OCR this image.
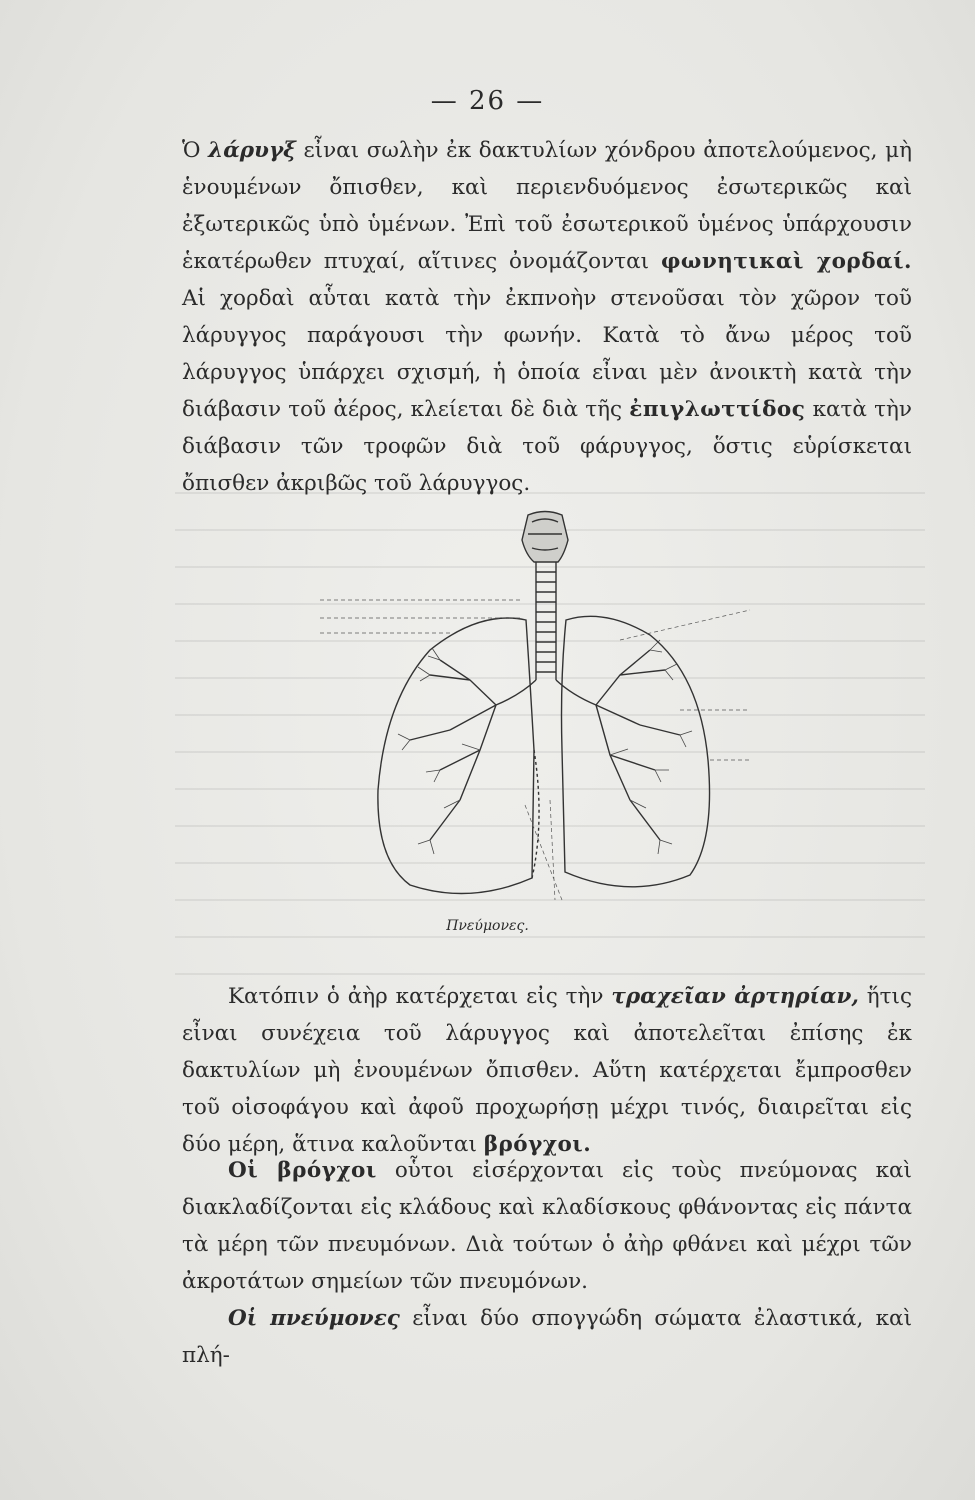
— 26 —

Ὁ λάρυγξ εἶναι σωλὴν ἐκ δακτυλίων χόνδρου ἀποτελούμενος, μὴ ἑνουμένων ὄπισθεν, καὶ περιενδυόμενος ἐσωτερικῶς καὶ ἐξωτερικῶς ὑπὸ ὑμένων. Ἐπὶ τοῦ ἐσωτερικοῦ ὑμένος ὑπάρχουσιν ἑκατέρωθεν πτυχαί, αἵτινες ὀνομάζονται φωνητικαὶ χορδαί. Αἱ χορδαὶ αὗται κατὰ τὴν ἐκπνοὴν στενοῦσαι τὸν χῶρον τοῦ λάρυγγος παράγουσι τὴν φωνήν. Κατὰ τὸ ἄνω μέρος τοῦ λάρυγγος ὑπάρχει σχισμή, ἡ ὁποία εἶναι μὲν ἀνοικτὴ κατὰ τὴν διάβασιν τοῦ ἀέρος, κλείεται δὲ διὰ τῆς ἐπιγλωττίδος κατὰ τὴν διάβασιν τῶν τροφῶν διὰ τοῦ φάρυγγος, ὅστις εὑρίσκεται ὄπισθεν ἀκριβῶς τοῦ λάρυγγος.

Πνεύμονες.

Κατόπιν ὁ ἀὴρ κατέρχεται εἰς τὴν τραχεῖαν ἀρτηρίαν, ἥτις εἶναι συνέχεια τοῦ λάρυγγος καὶ ἀποτελεῖται ἐπίσης ἐκ δακτυλίων μὴ ἑνουμένων ὄπισθεν. Αὕτη κατέρχεται ἔμπροσθεν τοῦ οἰσοφάγου καὶ ἀφοῦ προχωρήσῃ μέχρι τινός, διαιρεῖται εἰς δύο μέρη, ἅτινα καλοῦνται βρόγχοι.

Οἱ βρόγχοι οὗτοι εἰσέρχονται εἰς τοὺς πνεύμονας καὶ διακλαδίζονται εἰς κλάδους καὶ κλαδίσκους φθάνοντας εἰς πάντα τὰ μέρη τῶν πνευμόνων. Διὰ τούτων ὁ ἀὴρ φθάνει καὶ μέχρι τῶν ἀκροτάτων σημείων τῶν πνευμόνων.

Οἱ πνεύμονες εἶναι δύο σπογγώδη σώματα ἐλαστικά, καὶ πλή-
